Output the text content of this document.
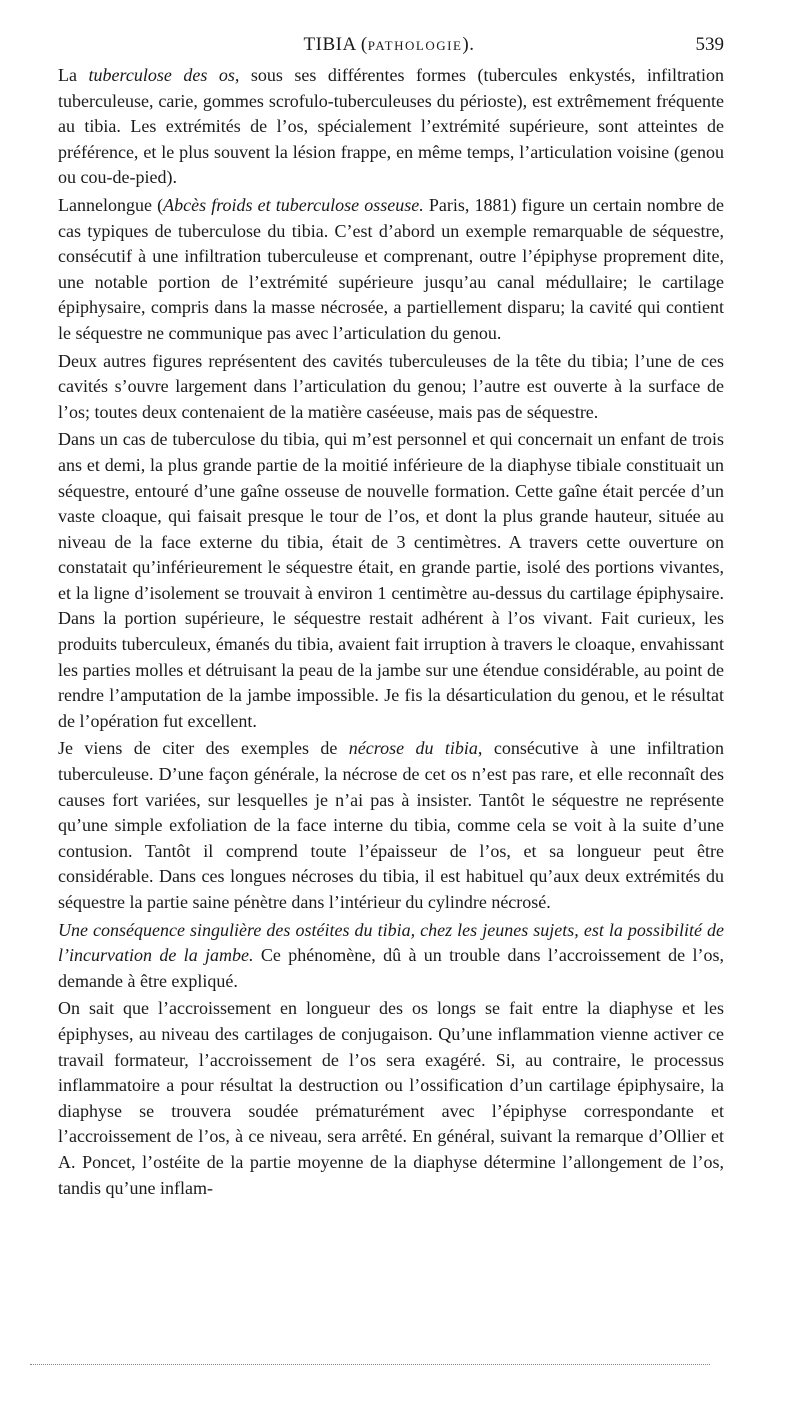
TIBIA (PATHOLOGIE).	539

La tuberculose des os, sous ses différentes formes (tubercules enkystés, infiltration tuberculeuse, carie, gommes scrofulo-tuberculeuses du périoste), est extrêmement fréquente au tibia. Les extrémités de l’os, spécialement l’extrémité supérieure, sont atteintes de préférence, et le plus souvent la lésion frappe, en même temps, l’articulation voisine (genou ou cou-de-pied).

Lannelongue (Abcès froids et tuberculose osseuse. Paris, 1881) figure un certain nombre de cas typiques de tuberculose du tibia. C’est d’abord un exemple remarquable de séquestre, consécutif à une infiltration tuberculeuse et comprenant, outre l’épiphyse proprement dite, une notable portion de l’extrémité supérieure jusqu’au canal médullaire; le cartilage épiphysaire, compris dans la masse nécrosée, a partiellement disparu; la cavité qui contient le séquestre ne communique pas avec l’articulation du genou.

Deux autres figures représentent des cavités tuberculeuses de la tête du tibia; l’une de ces cavités s’ouvre largement dans l’articulation du genou; l’autre est ouverte à la surface de l’os; toutes deux contenaient de la matière caséeuse, mais pas de séquestre.

Dans un cas de tuberculose du tibia, qui m’est personnel et qui concernait un enfant de trois ans et demi, la plus grande partie de la moitié inférieure de la diaphyse tibiale constituait un séquestre, entouré d’une gaîne osseuse de nouvelle formation. Cette gaîne était percée d’un vaste cloaque, qui faisait presque le tour de l’os, et dont la plus grande hauteur, située au niveau de la face externe du tibia, était de 3 centimètres. A travers cette ouverture on constatait qu’inférieurement le séquestre était, en grande partie, isolé des portions vivantes, et la ligne d’isolement se trouvait à environ 1 centimètre au-dessus du cartilage épiphysaire. Dans la portion supérieure, le séquestre restait adhérent à l’os vivant. Fait curieux, les produits tuberculeux, émanés du tibia, avaient fait irruption à travers le cloaque, envahissant les parties molles et détruisant la peau de la jambe sur une étendue considérable, au point de rendre l’amputation de la jambe impossible. Je fis la désarticulation du genou, et le résultat de l’opération fut excellent.

Je viens de citer des exemples de nécrose du tibia, consécutive à une infiltration tuberculeuse. D’une façon générale, la nécrose de cet os n’est pas rare, et elle reconnaît des causes fort variées, sur lesquelles je n’ai pas à insister. Tantôt le séquestre ne représente qu’une simple exfoliation de la face interne du tibia, comme cela se voit à la suite d’une contusion. Tantôt il comprend toute l’épaisseur de l’os, et sa longueur peut être considérable. Dans ces longues nécroses du tibia, il est habituel qu’aux deux extrémités du séquestre la partie saine pénètre dans l’intérieur du cylindre nécrosé.

Une conséquence singulière des ostéites du tibia, chez les jeunes sujets, est la possibilité de l’incurvation de la jambe. Ce phénomène, dû à un trouble dans l’accroissement de l’os, demande à être expliqué.

On sait que l’accroissement en longueur des os longs se fait entre la diaphyse et les épiphyses, au niveau des cartilages de conjugaison. Qu’une inflammation vienne activer ce travail formateur, l’accroissement de l’os sera exagéré. Si, au contraire, le processus inflammatoire a pour résultat la destruction ou l’ossification d’un cartilage épiphysaire, la diaphyse se trouvera soudée prématurément avec l’épiphyse correspondante et l’accroissement de l’os, à ce niveau, sera arrêté. En général, suivant la remarque d’Ollier et A. Poncet, l’ostéite de la partie moyenne de la diaphyse détermine l’allongement de l’os, tandis qu’une inflam-
